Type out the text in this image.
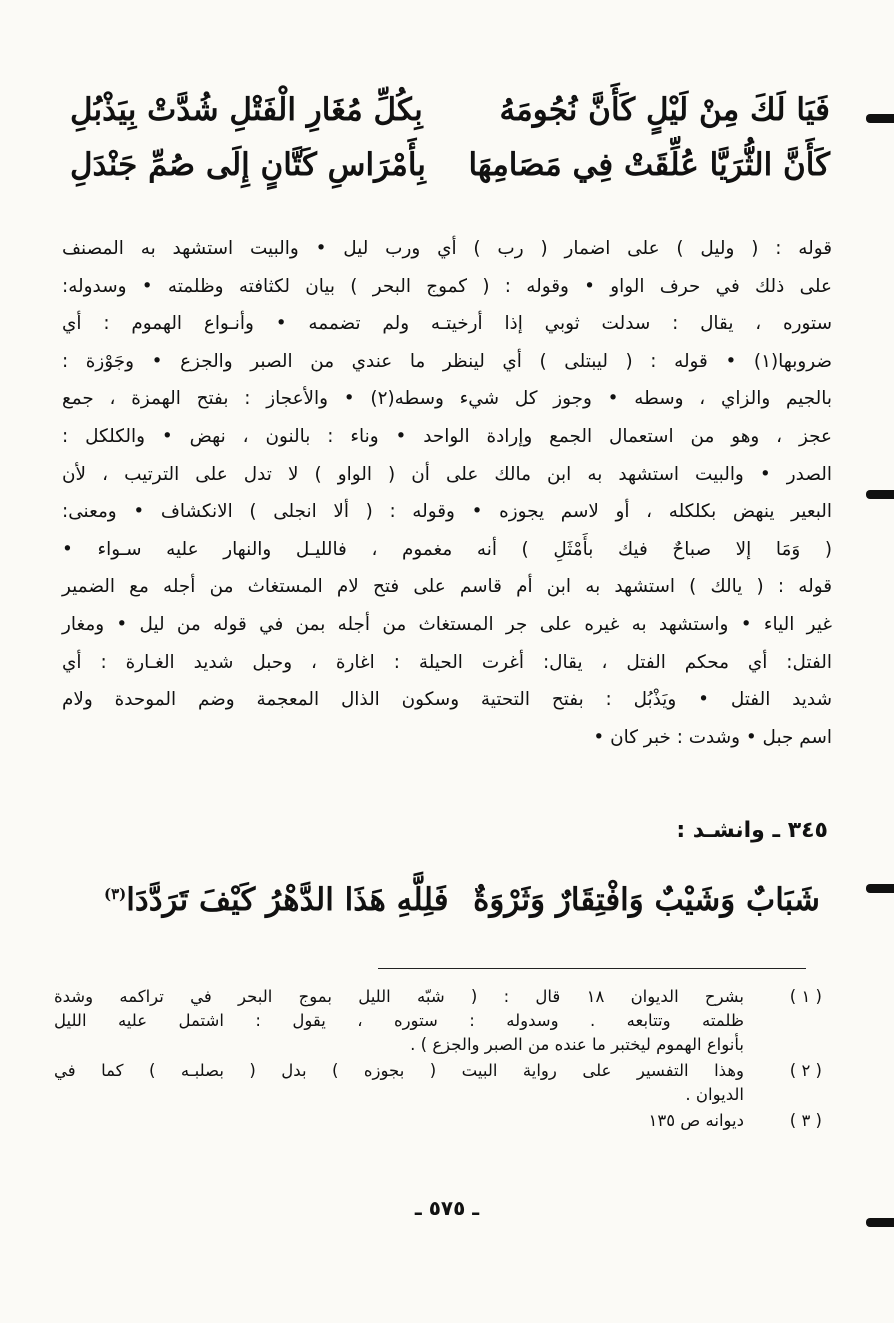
فَيَا لَكَ مِنْ لَيْلٍ كَأَنَّ نُجُومَهُ
بِكُلِّ مُغَارِ الْفَتْلِ شُدَّتْ بِيَذْبُلِ
كَأَنَّ الثُّرَيَّا عُلِّقَتْ فِي مَصَامِهَا
بِأَمْرَاسِ كَتَّانٍ إِلَى صُمِّ جَنْدَلِ
قوله : ( وليل ) على اضمار ( رب ) أي ورب ليل • والبيت استشهد به المصنف
على ذلك في حرف الواو • وقوله : ( كموج البحر ) بيان لكثافته وظلمته • وسدوله:
ستوره ، يقال : سدلت ثوبي إذا أرخيتـه ولم تضممه • وأنـواع الهموم : أي
ضروبها(١) • قوله : ( ليبتلى ) أي لينظر ما عندي من الصبر والجزع • وجَوْزة :
بالجيم والزاي ، وسطه • وجوز كل شيء وسطه(٢) • والأعجاز : بفتح الهمزة ، جمع
عجز ، وهو من استعمال الجمع وإرادة الواحد • وناء : بالنون ، نهض • والكلكل :
الصدر • والبيت استشهد به ابن مالك على أن ( الواو ) لا تدل على الترتيب ، لأن
البعير ينهض بكلكله ، أو لاسم يجوزه • وقوله : ( ألا انجلى ) الانكشاف • ومعنى:
( وَمَا إلا صباحٌ فيك بأَمْثَلِ ) أنه مغموم ، فالليـل والنهار عليه سـواء •
قوله : ( يالك ) استشهد به ابن أم قاسم على فتح لام المستغاث من أجله مع الضمير
غير الياء • واستشهد به غيره على جر المستغاث من أجله بمن في قوله من ليل • ومغار
الفتل: أي محكم الفتل ، يقال: أغرت الحيلة : اغارة ، وحبل شديد الغـارة : أي
شديد الفتل • ويَذْبُل : بفتح التحتية وسكون الذال المعجمة وضم الموحدة ولام
اسم جبل • وشدت : خبر كان •
٣٤٥ ـ وانشـد :
شَبَابٌ وَشَيْبٌ وَافْتِقَارٌ وَثَرْوَةٌ
فَلِلَّهِ هَذَا الدَّهْرُ كَيْفَ تَرَدَّدَا$^{(٣)}$
( ١ )
بشرح الديوان ١٨ قال : ( شبّه الليل بموج البحر في تراكمه وشدة
ظلمته وتتابعه . وسدوله : ستوره ، يقول : اشتمل عليه الليل
بأنواع الهموم ليختبر ما عنده من الصبر والجزع ) .
( ٢ )
وهذا التفسير على رواية البيت ( بجوزه ) بدل ( بصلبـه ) كما في
الديوان .
( ٣ )
ديوانه ص ١٣٥
ـ ٥٧٥ ـ
